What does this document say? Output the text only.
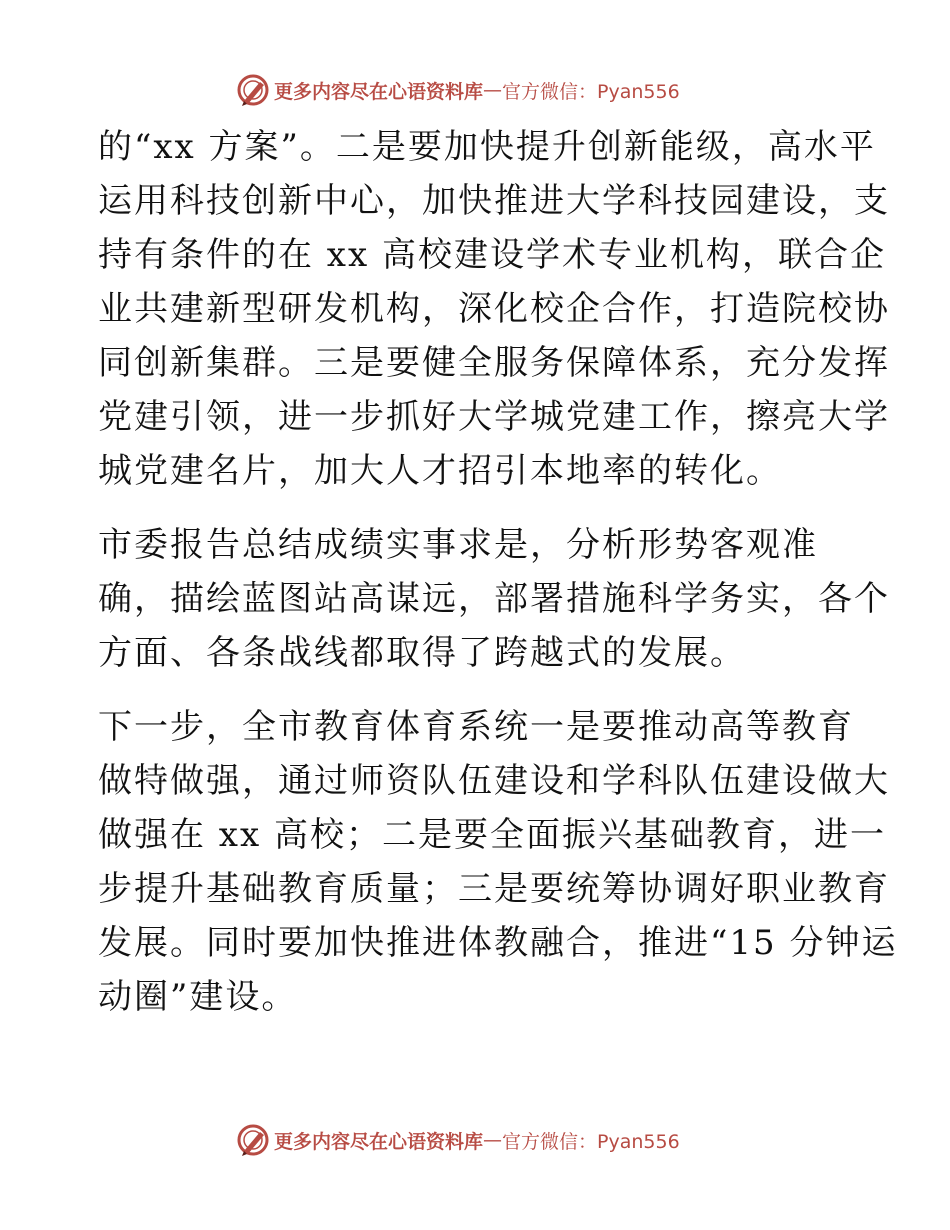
更多内容尽在心语资料库 — 官方微信：Pyan556
的“xx 方案”。二是要加快提升创新能级，高水平
运用科技创新中心，加快推进大学科技园建设，支
持有条件的在 xx 高校建设学术专业机构，联合企
业共建新型研发机构，深化校企合作，打造院校协
同创新集群。三是要健全服务保障体系，充分发挥
党建引领，进一步抓好大学城党建工作，擦亮大学
城党建名片，加大人才招引本地率的转化。
市委报告总结成绩实事求是，分析形势客观准
确，描绘蓝图站高谋远，部署措施科学务实，各个
方面、各条战线都取得了跨越式的发展。
下一步，全市教育体育系统一是要推动高等教育
做特做强，通过师资队伍建设和学科队伍建设做大
做强在 xx 高校；二是要全面振兴基础教育，进一
步提升基础教育质量；三是要统筹协调好职业教育
发展。同时要加快推进体教融合，推进“15 分钟运
动圈”建设。
更多内容尽在心语资料库 — 官方微信：Pyan556
